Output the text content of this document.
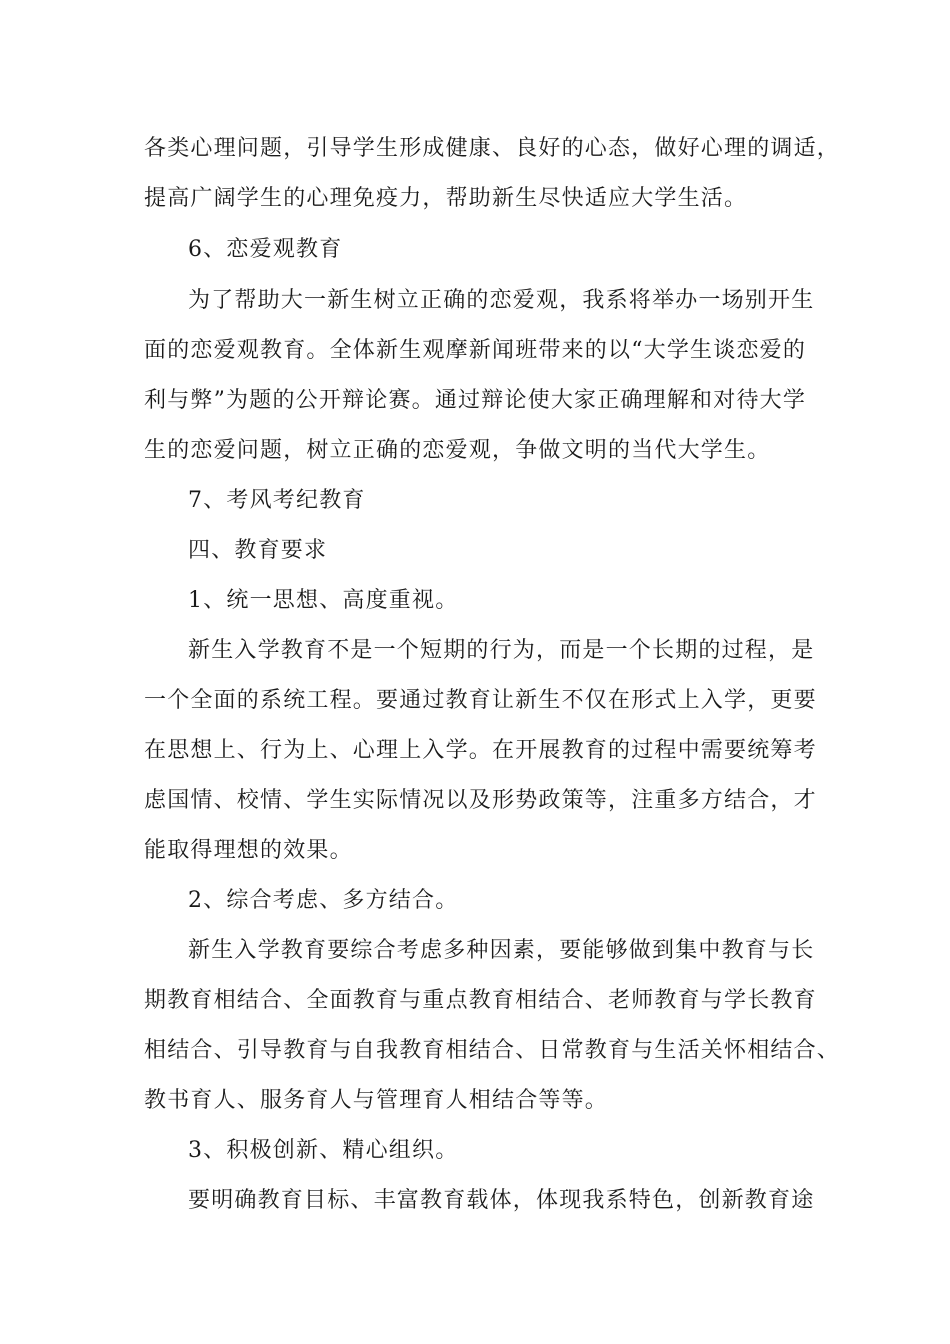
各类心理问题，引导学生形成健康、良好的心态，做好心理的调适，
提高广阔学生的心理免疫力，帮助新生尽快适应大学生活。
6、恋爱观教育
为了帮助大一新生树立正确的恋爱观，我系将举办一场别开生
面的恋爱观教育。全体新生观摩新闻班带来的以“大学生谈恋爱的
利与弊”为题的公开辩论赛。通过辩论使大家正确理解和对待大学
生的恋爱问题，树立正确的恋爱观，争做文明的当代大学生。
7、考风考纪教育
四、教育要求
1、统一思想、高度重视。
新生入学教育不是一个短期的行为，而是一个长期的过程，是
一个全面的系统工程。要通过教育让新生不仅在形式上入学，更要
在思想上、行为上、心理上入学。在开展教育的过程中需要统筹考
虑国情、校情、学生实际情况以及形势政策等，注重多方结合，才
能取得理想的效果。
2、综合考虑、多方结合。
新生入学教育要综合考虑多种因素，要能够做到集中教育与长
期教育相结合、全面教育与重点教育相结合、老师教育与学长教育
相结合、引导教育与自我教育相结合、日常教育与生活关怀相结合、
教书育人、服务育人与管理育人相结合等等。
3、积极创新、精心组织。
要明确教育目标、丰富教育载体，体现我系特色，创新教育途
